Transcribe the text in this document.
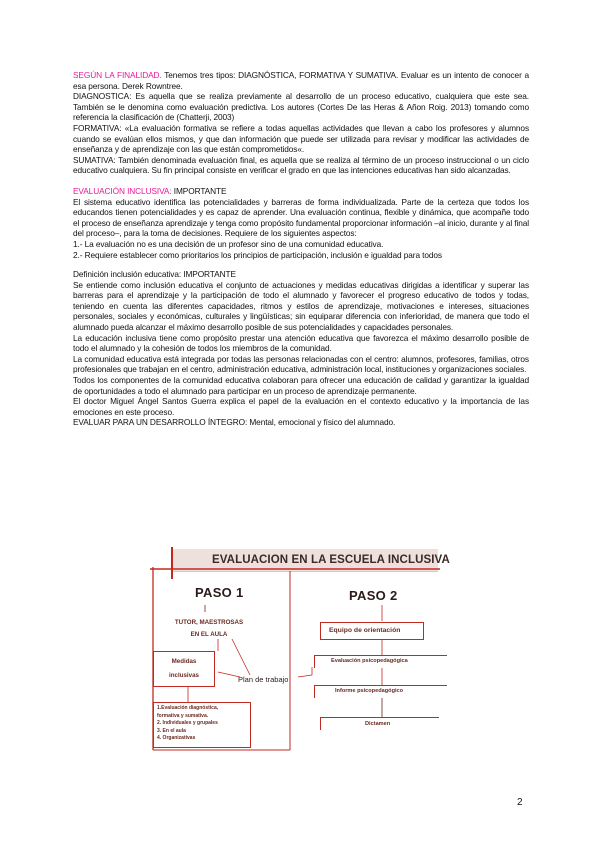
SEGÚN LA FINALIDAD. Tenemos tres tipos: DIAGNÓSTICA, FORMATIVA Y SUMATIVA. Evaluar es un intento de conocer a esa persona. Derek Rowntree.

DIAGNOSTICA: Es aquella que se realiza previamente al desarrollo de un proceso educativo, cualquiera que este sea. También se le denomina como evaluación predictiva. Los autores (Cortes De las Heras & Añon Roig. 2013) tomando como referencia la clasificación de (Chatterji, 2003)

FORMATIVA: «La evaluación formativa se refiere a todas aquellas actividades que llevan a cabo los profesores y alumnos cuando se evalúan ellos mismos, y que dan información que puede ser utilizada para revisar y modificar las actividades de enseñanza y de aprendizaje con las que están comprometidos«.

SUMATIVA: También denominada evaluación final, es aquella que se realiza al término de un proceso instruccional o un ciclo educativo cualquiera. Su fin principal consiste en verificar el grado en que las intenciones educativas han sido alcanzadas.

EVALUACIÓN INCLUSIVA: IMPORTANTE

El sistema educativo identifica las potencialidades y barreras de forma individualizada. Parte de la certeza que todos los educandos tienen potencialidades y es capaz de aprender. Una evaluación continua, flexible y dinámica, que acompañe todo el proceso de enseñanza aprendizaje y tenga como propósito fundamental proporcionar información –al inicio, durante y al final del proceso–, para la toma de decisiones. Requiere de los siguientes aspectos:

1.- La evaluación no es una decisión de un profesor sino de una comunidad educativa.

2.- Requiere establecer como prioritarios los principios de participación, inclusión e igualdad para todos

Definición inclusión educativa: IMPORTANTE

Se entiende como inclusión educativa el conjunto de actuaciones y medidas educativas dirigidas a identificar y superar las barreras para el aprendizaje y la participación de todo el alumnado y favorecer el progreso educativo de todos y todas, teniendo en cuenta las diferentes capacidades, ritmos y estilos de aprendizaje, motivaciones e intereses, situaciones personales, sociales y económicas, culturales y lingüísticas; sin equiparar diferencia con inferioridad, de manera que todo el alumnado pueda alcanzar el máximo desarrollo posible de sus potencialidades y capacidades personales.

La educación inclusiva tiene como propósito prestar una atención educativa que favorezca el máximo desarrollo posible de todo el alumnado y la cohesión de todos los miembros de la comunidad.

La comunidad educativa está integrada por todas las personas relacionadas con el centro: alumnos, profesores, familias, otros profesionales que trabajan en el centro, administración educativa, administración local, instituciones y organizaciones sociales.

Todos los componentes de la comunidad educativa colaboran para ofrecer una educación de calidad y garantizar la igualdad de oportunidades a todo el alumnado para participar en un proceso de aprendizaje permanente.

El doctor Miguel Ángel Santos Guerra explica el papel de la evaluación en el contexto educativo y la importancia de las emociones en este proceso.

EVALUAR PARA UN DESARROLLO ÍNTEGRO: Mental, emocional y físico del alumnado.

EVALUACION EN LA ESCUELA INCLUSIVA
PASO 1	PASO 2
TUTOR, MAESTROSAS
EN EL AULA
Medidas
inclusivas	Plan de trabajo
Equipo de orientación
Evaluación psicopedagógica
Informe psicopedagógico
Dictamen
1.Evaluación diagnóstica,
formativa y sumativa.
2. Individuales y grupales
3. En el aula
4. Organizativas
2
